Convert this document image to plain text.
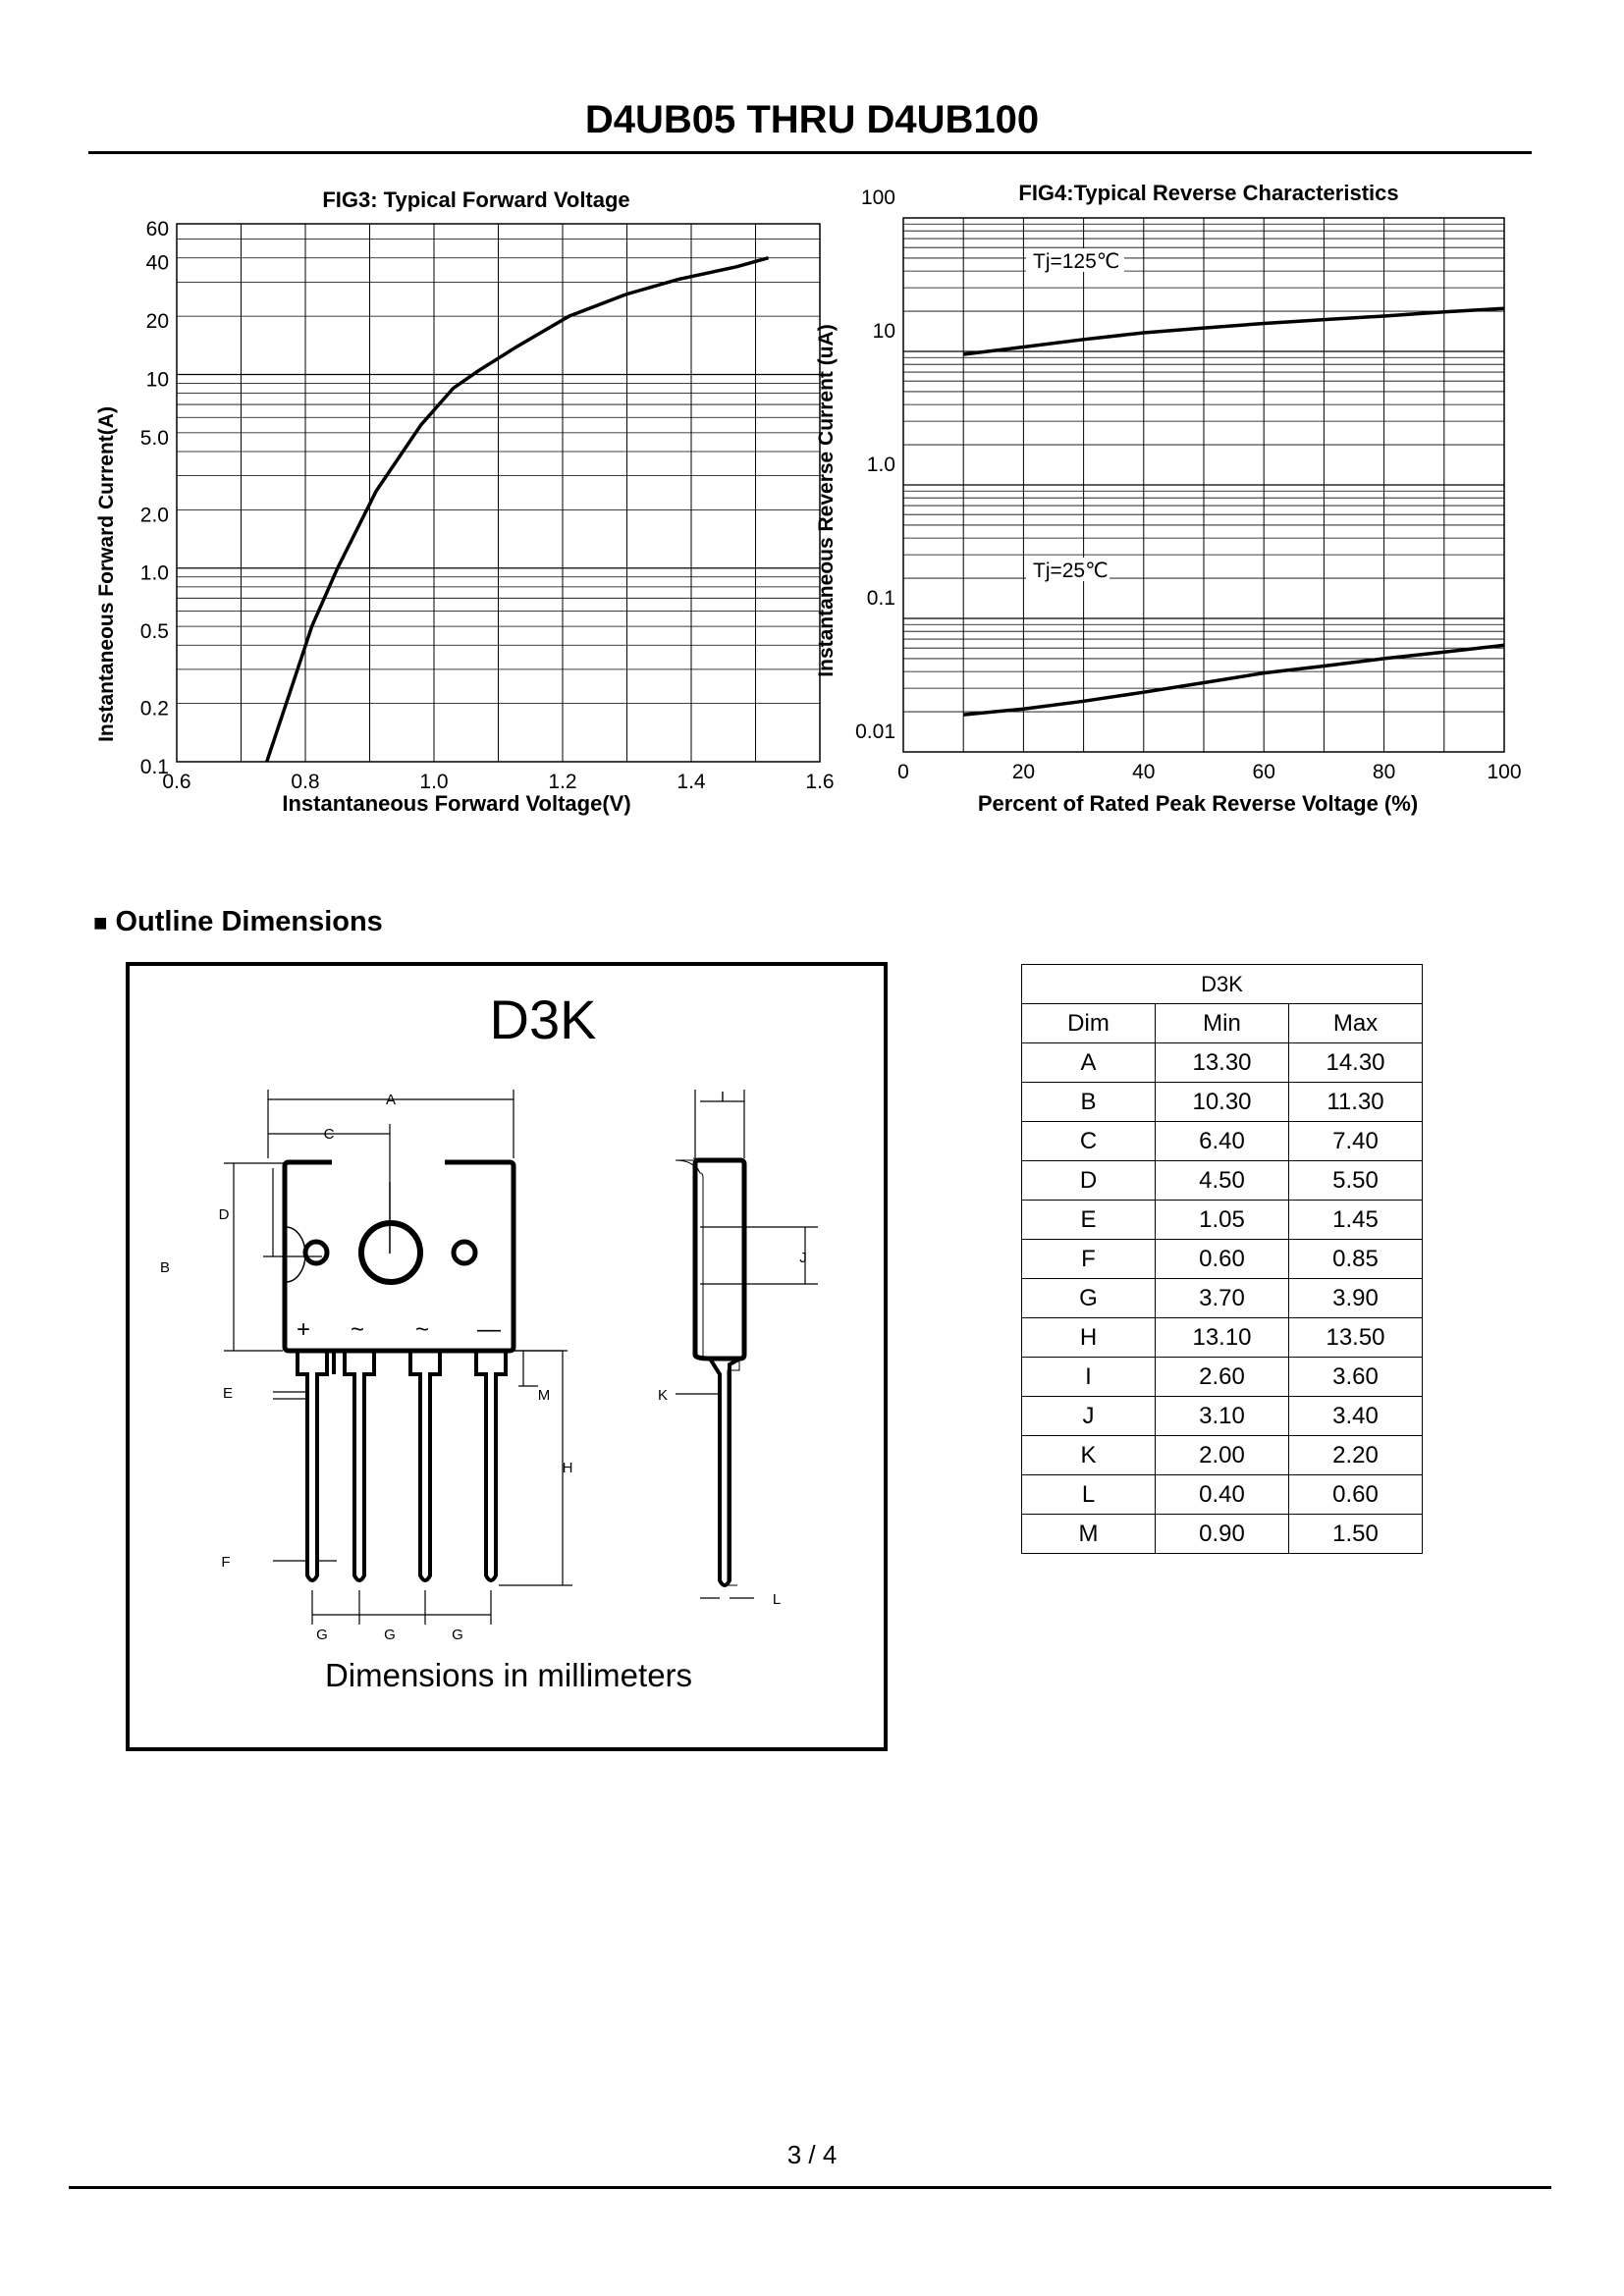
D4UB05 THRU D4UB100
FIG3: Typical Forward Voltage
60
40
20
10
5.0
2.0
1.0
0.5
0.2
0.1
0.6	0.8	1.0	1.2	1.4	1.6
Instantaneous Forward Voltage(V)
Instantaneous Forward Current(A)
FIG4:Typical Reverse Characteristics
100
10
1.0
0.1
0.01
0	20	40	60	80	100
Tj=125℃
Tj=25℃
Percent of Rated Peak Reverse Voltage (%)
Instantaneous Reverse Current (uA)
■ Outline Dimensions
D3K
+ ~ ~ —
A
C
D
B
E	M
H
F
G	G	G
I
J
K
L
Dimensions in millimeters
	D3K	
Dim	Min	Max
A	13.30	14.30
B	10.30	11.30
C	6.40	7.40
D	4.50	5.50
E	1.05	1.45
F	0.60	0.85
G	3.70	3.90
H	13.10	13.50
I	2.60	3.60
J	3.10	3.40
K	2.00	2.20
L	0.40	0.60
M	0.90	1.50
3 / 4
